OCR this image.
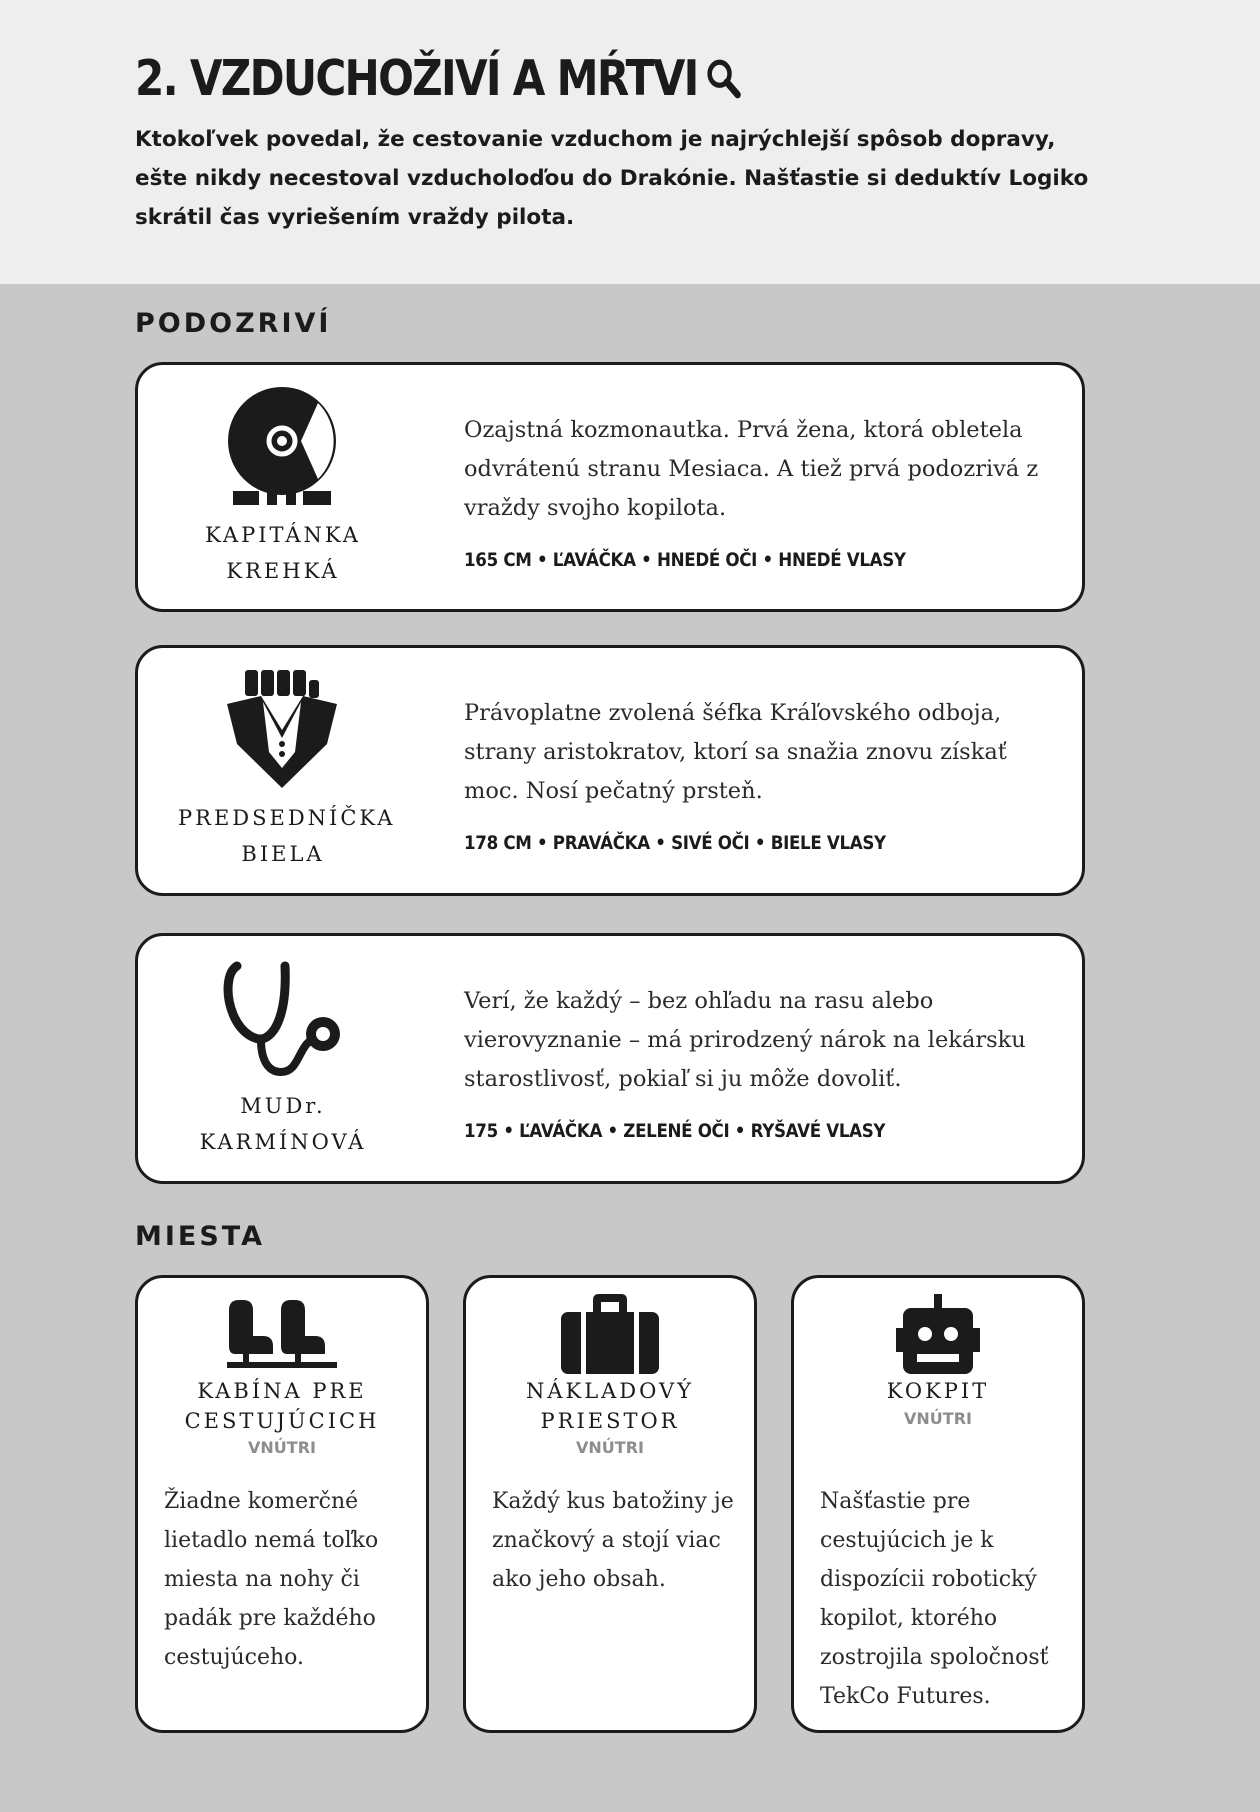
2. VZDUCHOŽIVÍ A MŔTVI

Ktokoľvek povedal, že cestovanie vzduchom je najrýchlejší spôsob dopravy, ešte nikdy necestoval vzducholoďou do Drakónie. Našťastie si deduktív Logiko skrátil čas vyriešením vraždy pilota.

PODOZRIVÍ
KAPITÁNKA
KREHKÁ

Ozajstná kozmonautka. Prvá žena, ktorá obletela odvrátenú stranu Mesiaca. A tiež prvá podozrivá z vraždy svojho kopilota.

165 CM • ĽAVÁČKA • HNEDÉ OČI • HNEDÉ VLASY
PREDSEDNÍČKA
BIELA

Právoplatne zvolená šéfka Kráľovského odboja, strany aristokratov, ktorí sa snažia znovu získať moc. Nosí pečatný prsteň.

178 CM • PRAVÁČKA • SIVÉ OČI • BIELE VLASY
MUDr.
KARMÍNOVÁ

Verí, že každý – bez ohľadu na rasu alebo vierovyznanie – má prirodzený nárok na lekársku starostlivosť, pokiaľ si ju môže dovoliť.

175 • ĽAVÁČKA • ZELENÉ OČI • RYŠAVÉ VLASY
MIESTA
KABÍNA PRE
CESTUJÚCICH
VNÚTRI

Žiadne komerčné lietadlo nemá toľko miesta na nohy či padák pre každého cestujúceho.

NÁKLADOVÝ
PRIESTOR
VNÚTRI

Každý kus batožiny je značkový a stojí viac ako jeho obsah.

KOKPIT
VNÚTRI

Našťastie pre cestujúcich je k dispozícii robotický kopilot, ktorého zostrojila spoločnosť TekCo Futures.
